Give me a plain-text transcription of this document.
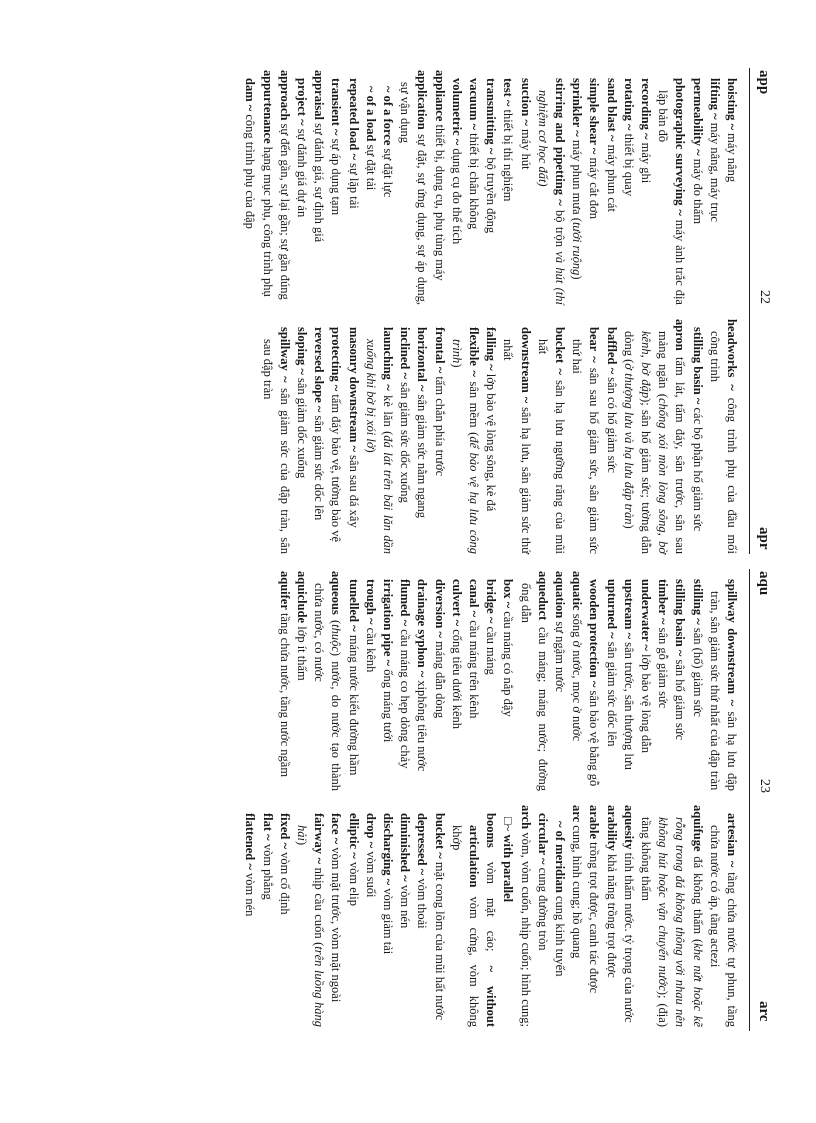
app
22
apr

hoisting ~ máy nâng

lifting ~ máy nâng, máy trục

permeability ~ máy đo thấm

photographic surveying ~ máy ảnh trắc địa lập bản đồ

recording ~ máy ghi

rotating ~ thiết bị quay

sand blast ~ máy phun cát

simple shear ~ máy cắt đơn

sprinkler ~ máy phun mưa (tưới ruộng)

stirring and pipetting ~ bộ trộn và hút (thí nghiệm cơ học đất)

suction ~ máy hút

test ~ thiết bị thí nghiệm

transmitting ~ bộ truyền động

vacuum ~ thiết bị chân không

volumetric ~ dụng cụ đo thể tích

appliance thiết bị, dụng cụ, phụ tùng máy

application sự đặt, sự ứng dụng, sự áp dụng, sự vận dụng

~ of a force sự đặt lực

~ of a load sự đặt tải

repeated load ~ sự lặp tải

transient ~ sự áp dụng tạm

appraisal sự đánh giá, sự định giá

project ~ sự đánh giá dự án

approach sự đến gần, sự lại gần; sự gần đúng

appurtenance hạng mục phụ, công trình phụ

dam ~ công trình phụ của đập

headworks ~ công trình phụ của đầu mối công trình

stilling basin ~ các bộ phận hố giảm sức

apron tấm lát, tấm đáy, sân trước, sân sau mảng ngăn (chống xói mòn lòng sông, bờ kênh, bờ đập); sân hố giảm sức; tường dẫn dòng (ở thượng lưu và hạ lưu đập tràn)

baffled ~ sân có hố giảm sức

bear ~ sân sau hố giảm sức, sân giảm sức thứ hai

bucket ~ sân hạ lưu ngưỡng răng của mũi hất

downstream ~ sân hạ lưu, sân giảm sức thứ nhất

falling ~ lớp bảo vệ lòng sông, kè đá

flexible ~ sân mềm (để bảo vệ hạ lưu công trình)

frontal ~ tấm chắn phía trước

horizontal ~ sân giảm sức nằm ngang

inclined ~ sân giảm sức dốc xuống

launching ~ kè lăn (đá lát trên bãi lăn dần xuống khi bờ bị xói lở)

masonry downstream ~ sân sau đá xây

protecting ~ tấm đáy bảo vệ, tường bảo vệ

reversed slope ~ sân giảm sức dốc lên

sloping ~ sân giảm dốc xuống

spillway ~ sân giảm sức của đập tràn, sân sau đập tràn

aqu
23
arc

spillway downstream ~ sân hạ lưu đập tràn, sân giảm sức thứ nhất của đập tràn

stilling ~ sân (hố) giảm sức

stilling basin ~ sân hố giảm sức

timber ~ sân gỗ giảm sức

underwater ~ lớp bảo vệ lòng dẫn

upstream ~ sân trước, sân thượng lưu

upturned ~ sân giảm sức dốc lên

wooden protection ~ sân bảo vệ bằng gỗ

aquatic sống ở nước, mọc ở nước

aquation sự ngậm nước

aqueduct cầu máng; máng nước; đường ống dẫn

box ~ cầu máng có nắp đậy

bridge ~ cầu máng

canal ~ cầu máng trên kênh

culvert ~ cống tiêu dưới kênh

diversion ~ máng dẫn dòng

drainage syphon ~ xiphông tiêu nước

flumed ~ cầu máng co hẹp dòng chảy

irrigation pipe ~ ống máng tưới

trough ~ cầu kênh

tunelled ~ máng nước kiểu đường hầm

aqueous (thuộc) nước, do nước tạo thành chứa nước, có nước

aquiclude lớp ít thấm

aquifer tầng chứa nước, tầng nước ngầm

artesian ~ tầng chứa nước tự phun, tầng chứa nước có áp, tầng actezi

aquifuge đá không thấm (khe nứt hoặc kẽ rỗng trong đá không thông với nhau nên không hút hoặc vận chuyển nước); (địa) tầng không thấm

aquesity tính thấm nước. tỷ trọng của nước

arability khả năng trồng trọt được

arable trồng trọt được, canh tác được

arc cung, hình cung; hồ quang

~ of meridian cung kinh tuyến

circular ~ cung đường tròn

arch vòm, vòm cuốn, nhịp cuốn; hình cung; □~ with parallel

booms vòm mặt cáo; ~ without articulation vòm cứng, vòm không khớp

bucket ~ mặt cong lõm của mũi hất nước

depressed ~ vòm thoải

diminished ~ vòm nén

discharging ~ vòm giảm tải

drop ~ vòm suối

elliptic ~ vòm elip

face ~ vòm mặt trước, vòm mặt ngoài

fairway ~ nhịp cầu cuốn (trên luồng hàng hải)

fixed ~ vòm cố định

flat ~ vòm phẳng

flattened ~ vòm nén
